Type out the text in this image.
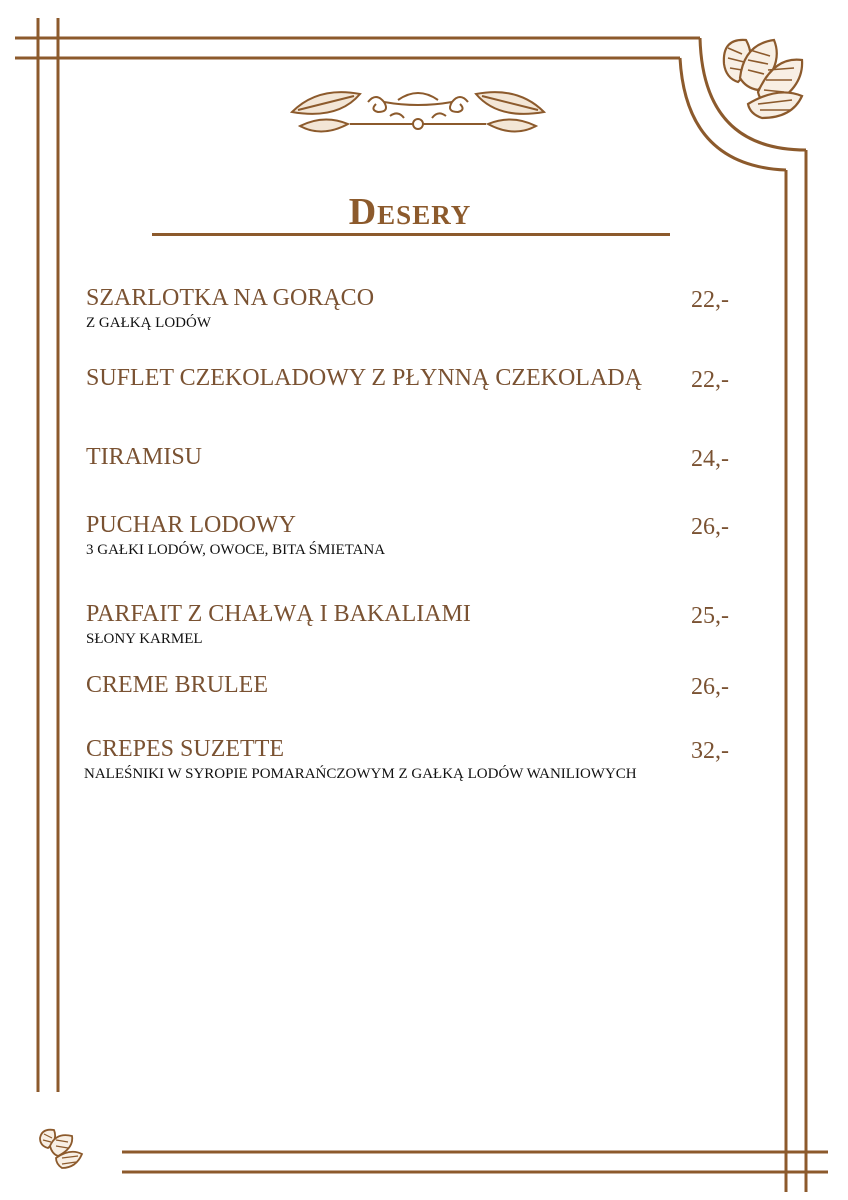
Desery
SZARLOTKA NA GORĄCO	22,-
Z GAŁKĄ LODÓW
SUFLET CZEKOLADOWY Z PŁYNNĄ CZEKOLADĄ	22,-
TIRAMISU	24,-
PUCHAR LODOWY	26,-
3 GAŁKI LODÓW, OWOCE, BITA ŚMIETANA
PARFAIT Z CHAŁWĄ I BAKALIAMI	25,-
SŁONY KARMEL
CREME BRULEE	26,-
CREPES SUZETTE	32,-
NALEŚNIKI W SYROPIE POMARAŃCZOWYM Z GAŁKĄ LODÓW WANILIOWYCH
